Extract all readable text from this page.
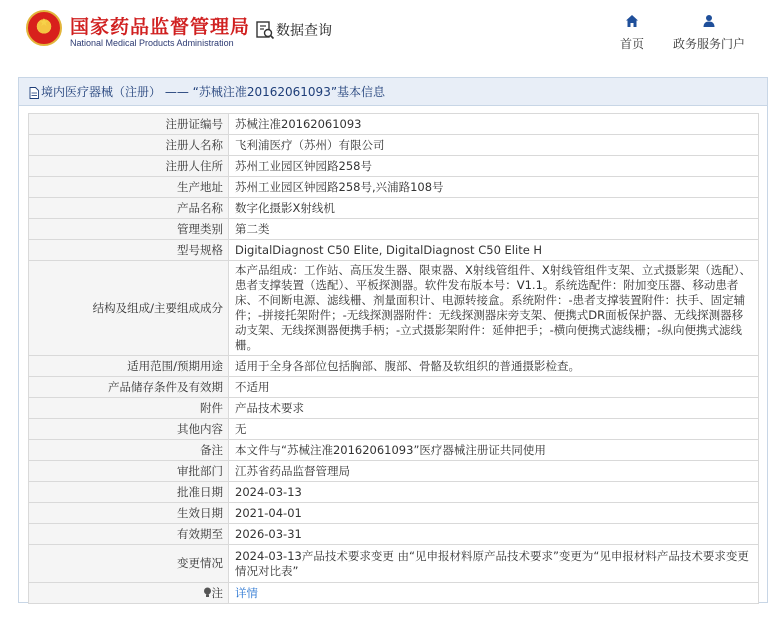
★ 国家药品监督管理局
National Medical Products Administration
数据查询
首页	政务服务门户
境内医疗器械（注册） —— “苏械注准20162061093”基本信息
注册证编号	苏械注准20162061093
注册人名称	飞利浦医疗（苏州）有限公司
注册人住所	苏州工业园区钟园路258号
生产地址	苏州工业园区钟园路258号,兴浦路108号
产品名称	数字化摄影X射线机
管理类别	第二类
型号规格	DigitalDiagnost C50 Elite, DigitalDiagnost C50 Elite H
结构及组成/主要组成成分	本产品组成：工作站、高压发生器、限束器、X射线管组件、X射线管组件支架、立式摄影架（选配）、患者支撑装置（选配）、平板探测器。软件发布版本号：V1.1。系统选配件：附加变压器、移动患者床、不间断电源、滤线栅、剂量面积计、电源转接盒。系统附件：-患者支撑装置附件：扶手、固定辅件；-拼接托架附件；-无线探测器附件：无线探测器床旁支架、便携式DR面板保护器、无线探测器移动支架、无线探测器便携手柄；-立式摄影架附件：延伸把手；-横向便携式滤线栅；-纵向便携式滤线栅。
适用范围/预期用途	适用于全身各部位包括胸部、腹部、骨骼及软组织的普通摄影检查。
产品储存条件及有效期	不适用
附件	产品技术要求
其他内容	无
备注	本文件与“苏械注准20162061093”医疗器械注册证共同使用
审批部门	江苏省药品监督管理局
批准日期	2024-03-13
生效日期	2021-04-01
有效期至	2026-03-31
变更情况	2024-03-13产品技术要求变更 由“见申报材料原产品技术要求”变更为“见申报材料产品技术要求变更情况对比表”
注	详情
